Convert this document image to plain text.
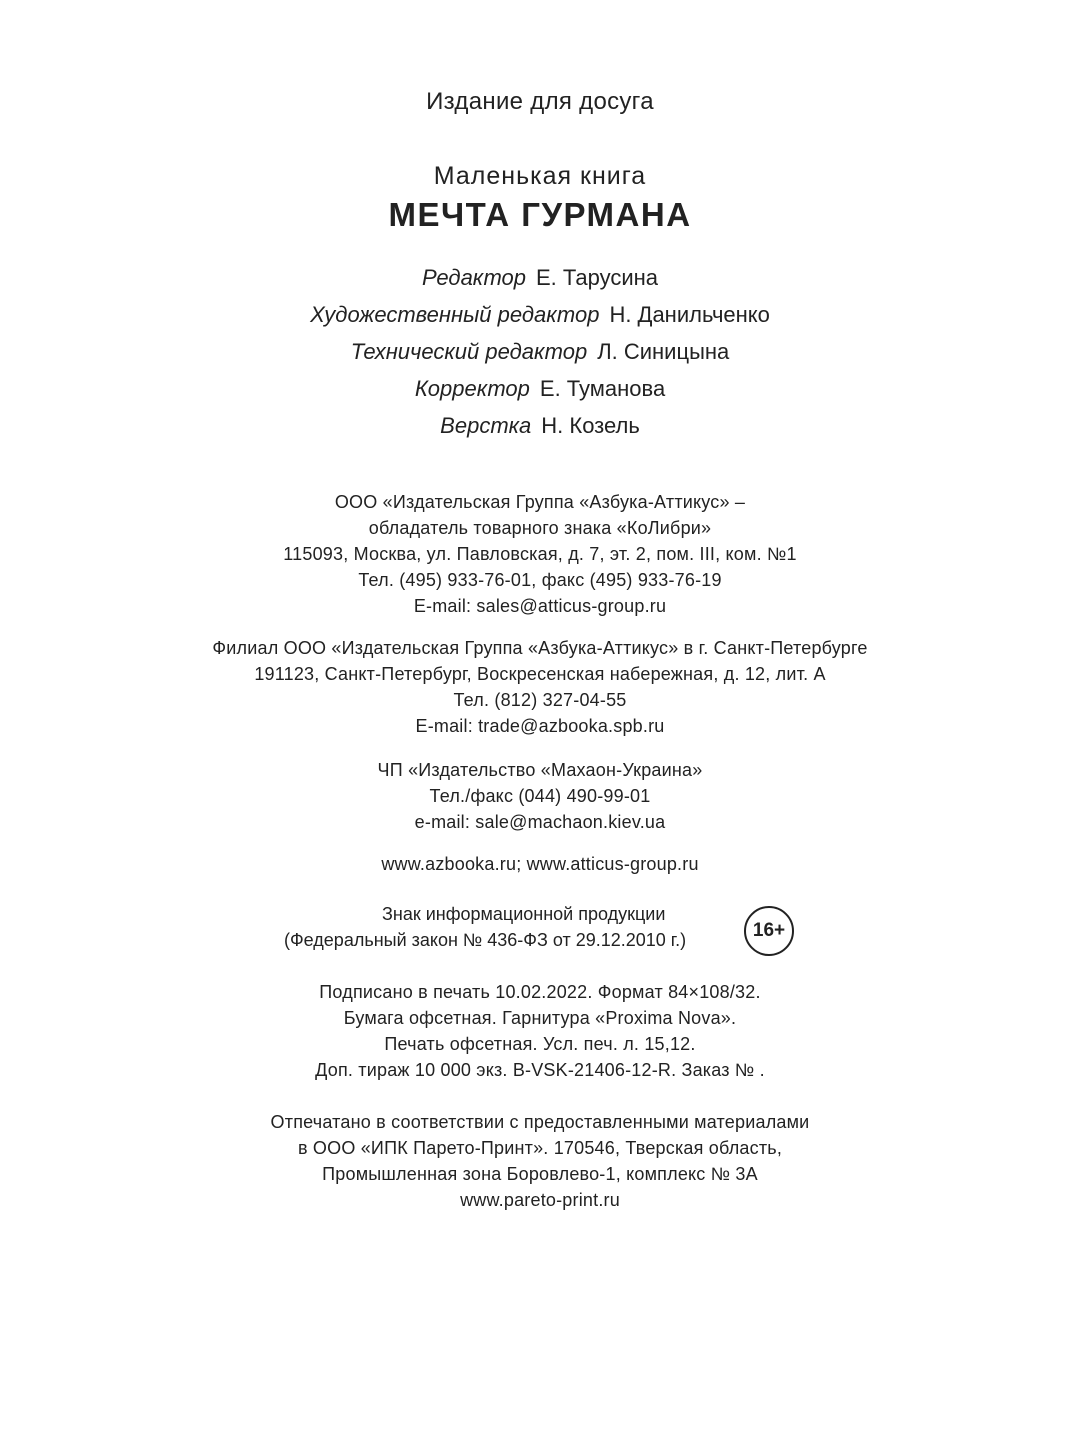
Издание для досуга
Маленькая книга
МЕЧТА ГУРМАНА
Редактор Е. Тарусина
Художественный редактор Н. Данильченко
Технический редактор Л. Синицына
Корректор Е. Туманова
Верстка Н. Козель
ООО «Издательская Группа «Азбука-Аттикус» –
обладатель товарного знака «КоЛибри»
115093, Москва, ул. Павловская, д. 7, эт. 2, пом. III, ком. №1
Тел. (495) 933-76-01, факс (495) 933-76-19
E-mail: sales@atticus-group.ru
Филиал ООО «Издательская Группа «Азбука-Аттикус» в г. Санкт-Петербурге
191123, Санкт-Петербург, Воскресенская набережная, д. 12, лит. А
Тел. (812) 327-04-55
E-mail: trade@azbooka.spb.ru
ЧП «Издательство «Махаон-Украина»
Тел./факс (044) 490-99-01
e-mail: sale@machaon.kiev.ua
www.azbooka.ru; www.atticus-group.ru
Знак информационной продукции
(Федеральный закон № 436-ФЗ от 29.12.2010 г.)	16+
Подписано в печать 10.02.2022. Формат 84×108/32.
Бумага офсетная. Гарнитура «Proxima Nova».
Печать офсетная. Усл. печ. л. 15,12.
Доп. тираж 10 000 экз. B-VSK-21406-12-R. Заказ № .
Отпечатано в соответствии с предоставленными материалами
в ООО «ИПК Парето-Принт». 170546, Тверская область,
Промышленная зона Боровлево-1, комплекс № 3А
www.pareto-print.ru
